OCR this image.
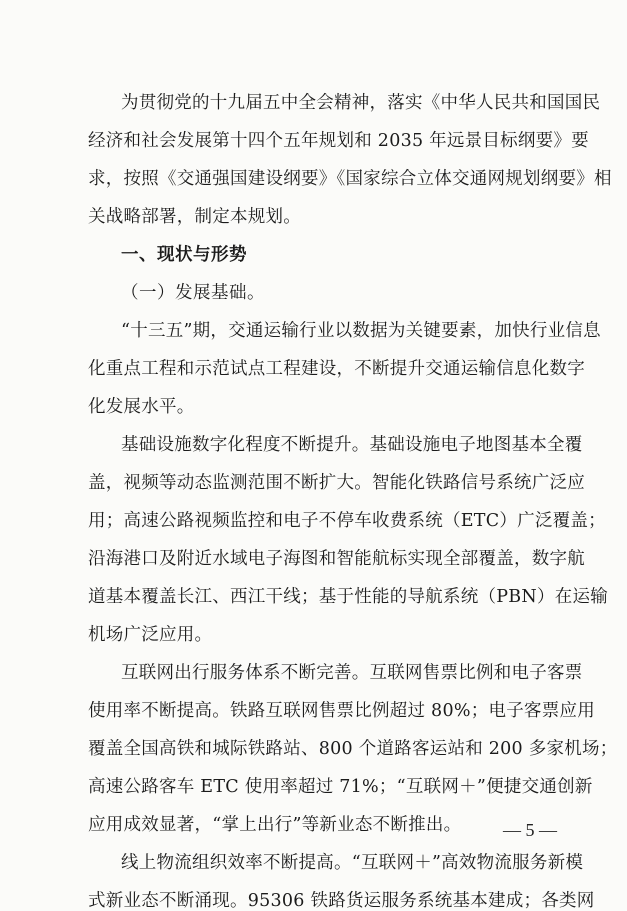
为贯彻党的十九届五中全会精神，落实《中华人民共和国国民
经济和社会发展第十四个五年规划和 2035 年远景目标纲要》要
求，按照《交通强国建设纲要》《国家综合立体交通网规划纲要》相
关战略部署，制定本规划。
一、现状与形势
（一）发展基础。
“十三五”期，交通运输行业以数据为关键要素，加快行业信息
化重点工程和示范试点工程建设，不断提升交通运输信息化数字
化发展水平。
基础设施数字化程度不断提升。基础设施电子地图基本全覆
盖，视频等动态监测范围不断扩大。智能化铁路信号系统广泛应
用；高速公路视频监控和电子不停车收费系统（ETC）广泛覆盖；
沿海港口及附近水域电子海图和智能航标实现全部覆盖，数字航
道基本覆盖长江、西江干线；基于性能的导航系统（PBN）在运输
机场广泛应用。
互联网出行服务体系不断完善。互联网售票比例和电子客票
使用率不断提高。铁路互联网售票比例超过 80%；电子客票应用
覆盖全国高铁和城际铁路站、800 个道路客运站和 200 多家机场；
高速公路客车 ETC 使用率超过 71%；“互联网＋”便捷交通创新
应用成效显著，“掌上出行”等新业态不断推出。
线上物流组织效率不断提高。“互联网＋”高效物流服务新模
式新业态不断涌现。95306 铁路货运服务系统基本建成；各类网
— 5 —
